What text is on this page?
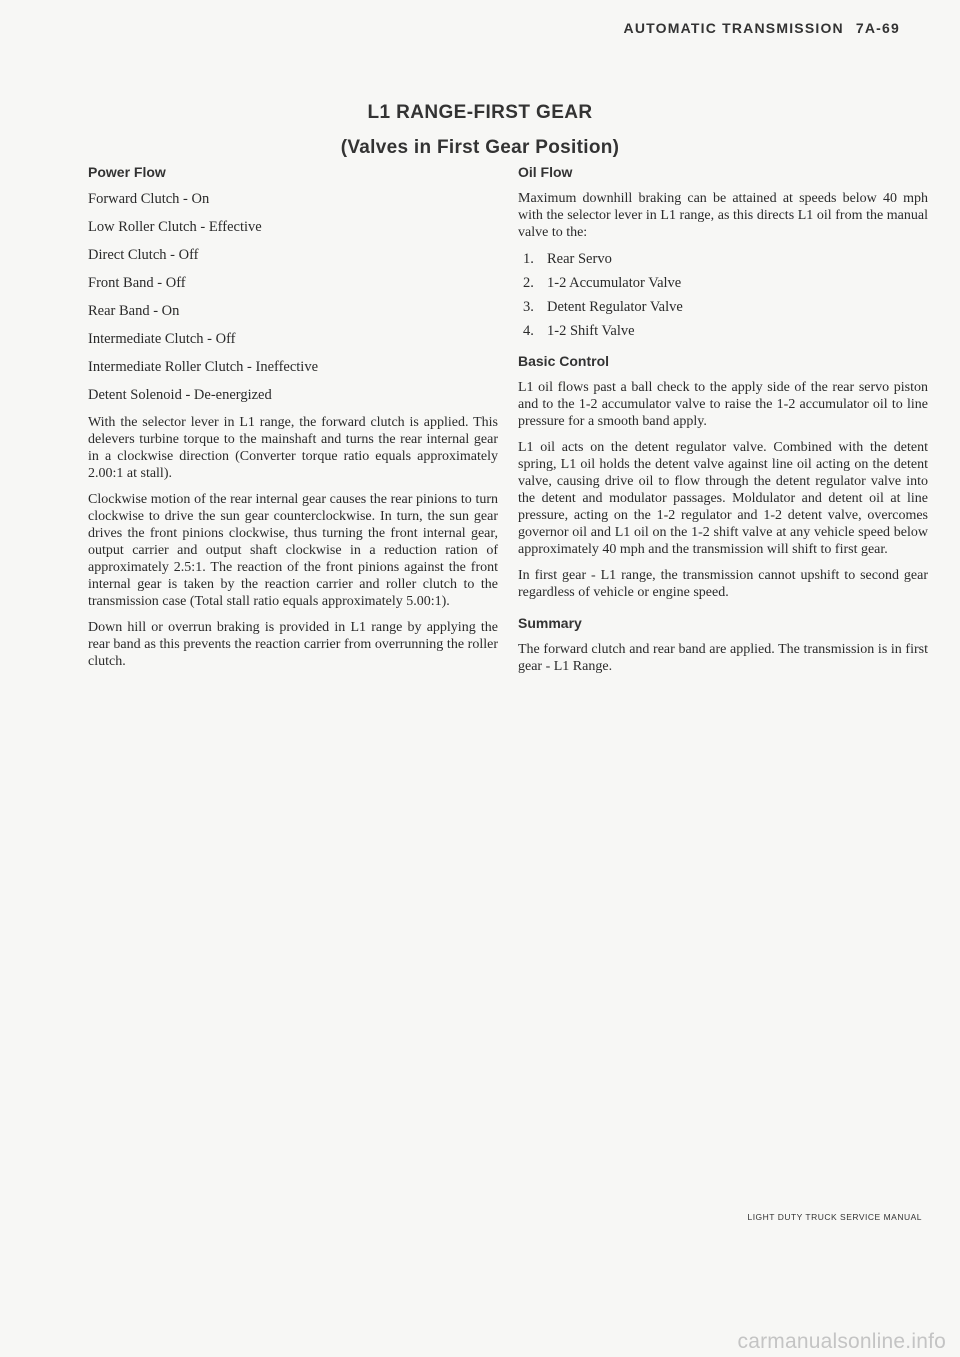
AUTOMATIC TRANSMISSION 7A-69
L1 RANGE-FIRST GEAR
(Valves in First Gear Position)
Power Flow
Forward Clutch - On
Low Roller Clutch - Effective
Direct Clutch - Off
Front Band - Off
Rear Band - On
Intermediate Clutch - Off
Intermediate Roller Clutch - Ineffective
Detent Solenoid - De-energized

With the selector lever in L1 range, the forward clutch is applied. This delevers turbine torque to the mainshaft and turns the rear internal gear in a clockwise direction (Converter torque ratio equals approximately 2.00:1 at stall).

Clockwise motion of the rear internal gear causes the rear pinions to turn clockwise to drive the sun gear counterclockwise. In turn, the sun gear drives the front pinions clockwise, thus turning the front internal gear, output carrier and output shaft clockwise in a reduction ration of approximately 2.5:1. The reaction of the front pinions against the front internal gear is taken by the reaction carrier and roller clutch to the transmission case (Total stall ratio equals approximately 5.00:1).

Down hill or overrun braking is provided in L1 range by applying the rear band as this prevents the reaction carrier from overrunning the roller clutch.

Oil Flow

Maximum downhill braking can be attained at speeds below 40 mph with the selector lever in L1 range, as this directs L1 oil from the manual valve to the:

1. Rear Servo
2. 1-2 Accumulator Valve
3. Detent Regulator Valve
4. 1-2 Shift Valve
Basic Control

L1 oil flows past a ball check to the apply side of the rear servo piston and to the 1-2 accumulator valve to raise the 1-2 accumulator oil to line pressure for a smooth band apply.

L1 oil acts on the detent regulator valve. Combined with the detent spring, L1 oil holds the detent valve against line oil acting on the detent valve, causing drive oil to flow through the detent regulator valve into the detent and modulator passages. Moldulator and detent oil at line pressure, acting on the 1-2 regulator and 1-2 detent valve, overcomes governor oil and L1 oil on the 1-2 shift valve at any vehicle speed below approximately 40 mph and the transmission will shift to first gear.

In first gear - L1 range, the transmission cannot upshift to second gear regardless of vehicle or engine speed.

Summary

The forward clutch and rear band are applied. The transmission is in first gear - L1 Range.

LIGHT DUTY TRUCK SERVICE MANUAL
carmanualsonline.info
